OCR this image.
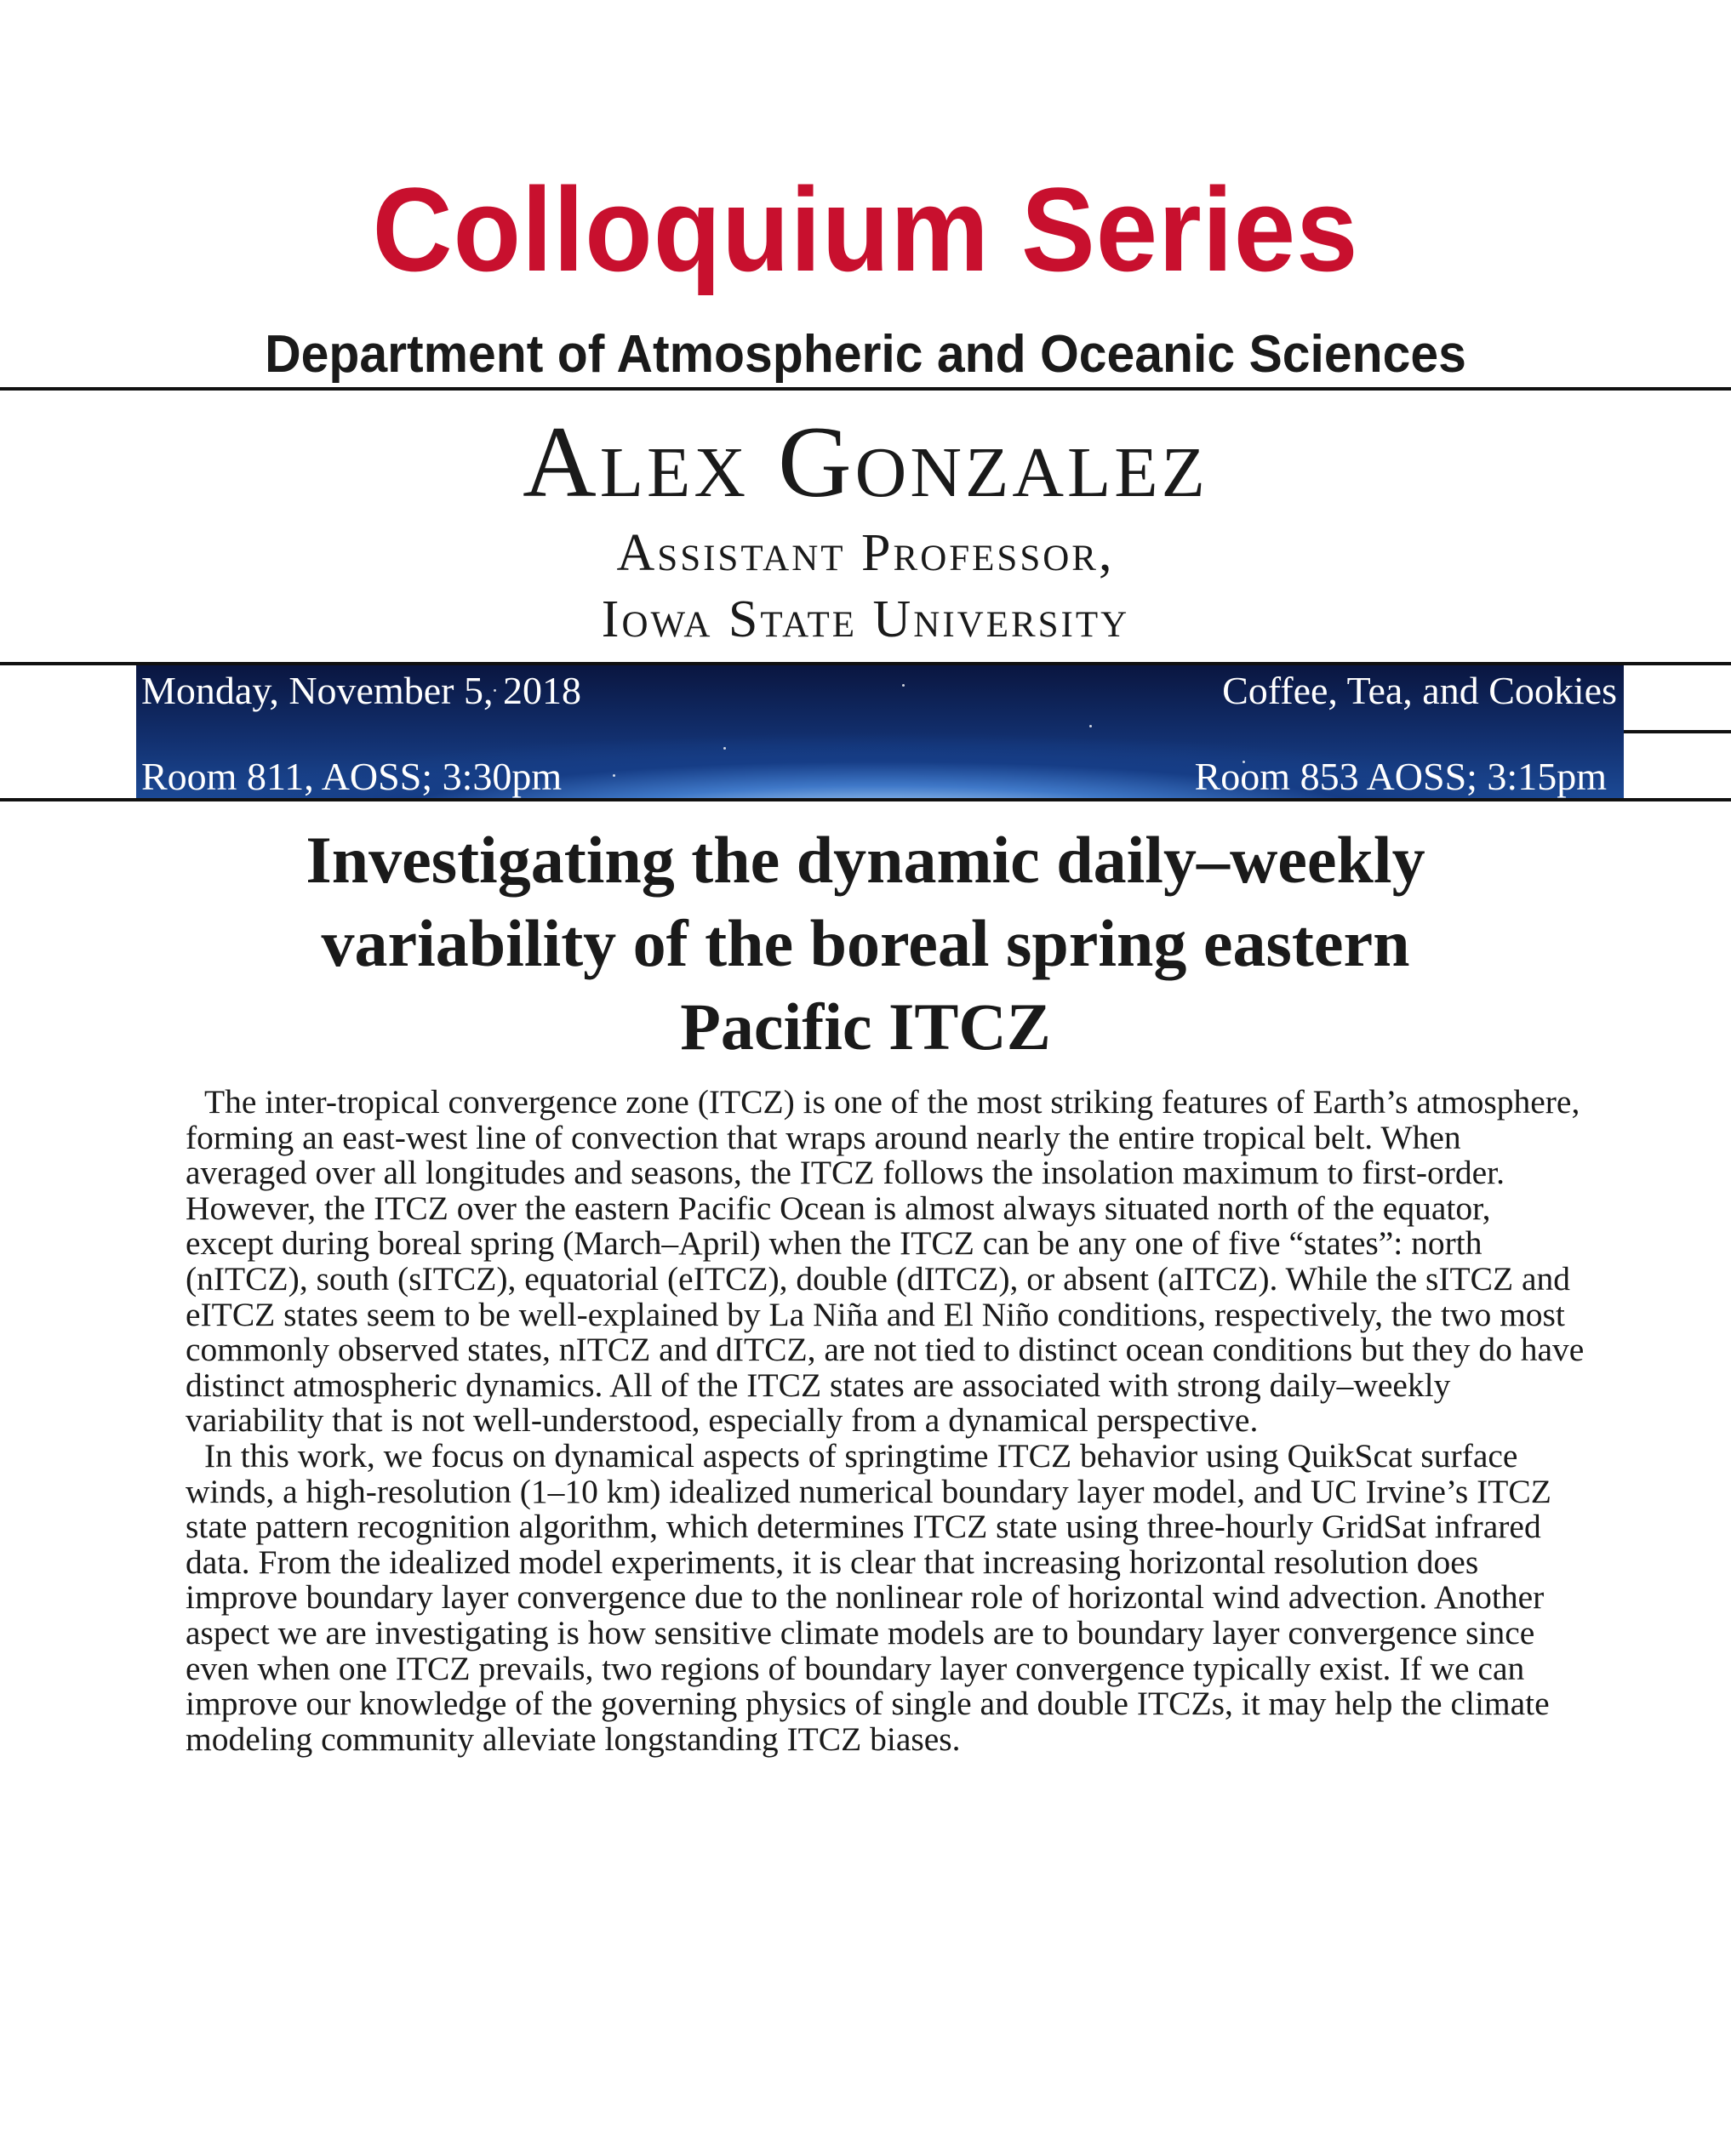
Colloquium Series
Department of Atmospheric and Oceanic Sciences
Alex Gonzalez
Assistant Professor,
Iowa State University
Monday, November 5, 2018	Coffee, Tea, and Cookies
Room 811, AOSS; 3:30pm	Room 853 AOSS; 3:15pm
Investigating the dynamic daily–weekly
variability of the boreal spring eastern
Pacific ITCZ

The inter-tropical convergence zone (ITCZ) is one of the most striking features of Earth’s atmosphere, forming an east-west line of convection that wraps around nearly the entire tropical belt. When averaged over all longitudes and seasons, the ITCZ follows the insolation maximum to first-order. However, the ITCZ over the eastern Pacific Ocean is almost always situated north of the equator, except during boreal spring (March–April) when the ITCZ can be any one of five “states”: north (nITCZ), south (sITCZ), equatorial (eITCZ), double (dITCZ), or absent (aITCZ). While the sITCZ and eITCZ states seem to be well-explained by La Niña and El Niño conditions, respectively, the two most commonly observed states, nITCZ and dITCZ, are not tied to distinct ocean conditions but they do have distinct atmospheric dynamics. All of the ITCZ states are associated with strong daily–weekly variability that is not well-understood, especially from a dynamical perspective.

In this work, we focus on dynamical aspects of springtime ITCZ behavior using QuikScat surface winds, a high-resolution (1–10 km) idealized numerical boundary layer model, and UC Irvine’s ITCZ state pattern recognition algorithm, which determines ITCZ state using three-hourly GridSat infrared data. From the idealized model experiments, it is clear that increasing horizontal resolution does improve boundary layer convergence due to the nonlinear role of horizontal wind advection. Another aspect we are investigating is how sensitive climate models are to boundary layer convergence since even when one ITCZ prevails, two regions of boundary layer convergence typically exist. If we can improve our knowledge of the governing physics of single and double ITCZs, it may help the climate modeling community alleviate longstanding ITCZ biases.
